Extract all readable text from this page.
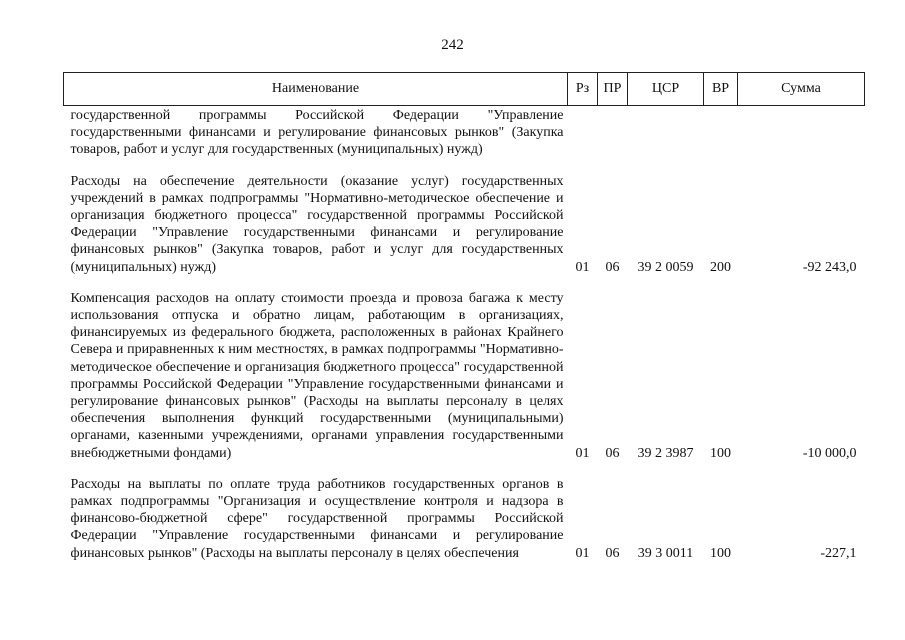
242
Наименование	Рз	ПР	ЦСР	ВР	Сумма
государственной программы Российской Федерации "Управление государственными финансами и регулирование финансовых рынков" (Закупка товаров, работ и услуг для государственных (муниципальных) нужд)					
Расходы на обеспечение деятельности (оказание услуг) государственных учреждений в рамках подпрограммы "Нормативно-методическое обеспечение и организация бюджетного процесса" государственной программы Российской Федерации "Управление государственными финансами и регулирование финансовых рынков" (Закупка товаров, работ и услуг для государственных (муниципальных) нужд)	01	06	39 2 0059	200	-92 243,0
Компенсация расходов на оплату стоимости проезда и провоза багажа к месту использования отпуска и обратно лицам, работающим в организациях, финансируемых из федерального бюджета, расположенных в районах Крайнего Севера и приравненных к ним местностях, в рамках подпрограммы "Нормативно-методическое обеспечение и организация бюджетного процесса" государственной программы Российской Федерации "Управление государственными финансами и регулирование финансовых рынков" (Расходы на выплаты персоналу в целях обеспечения выполнения функций государственными (муниципальными) органами, казенными учреждениями, органами управления государственными внебюджетными фондами)	01	06	39 2 3987	100	-10 000,0
Расходы на выплаты по оплате труда работников государственных органов в рамках подпрограммы "Организация и осуществление контроля и надзора в финансово-бюджетной сфере" государственной программы Российской Федерации "Управление государственными финансами и регулирование финансовых рынков" (Расходы на выплаты персоналу в целях обеспечения	01	06	39 3 0011	100	-227,1
